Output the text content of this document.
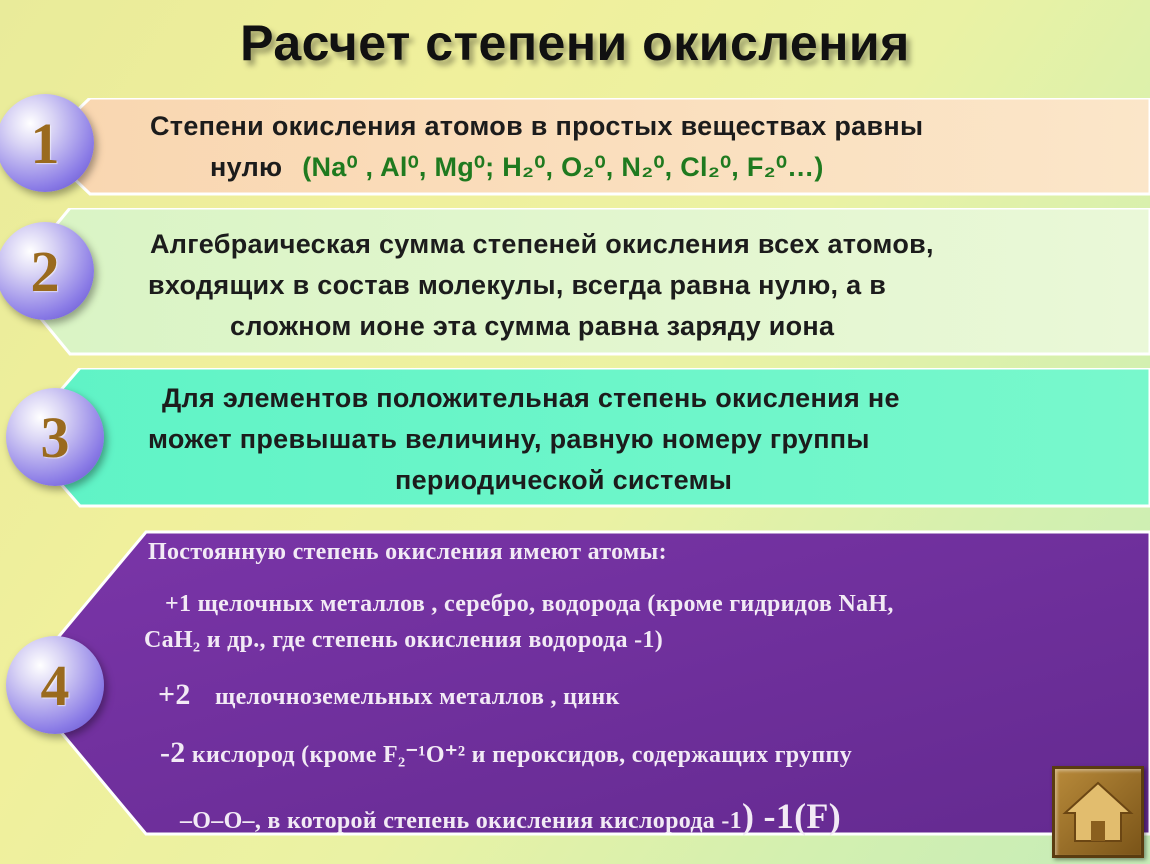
Расчет степени окисления
1	Степени окисления атомов в простых веществах равны
нулю (Na⁰ , Al⁰, Mg⁰; H₂⁰, O₂⁰, N₂⁰, Cl₂⁰, F₂⁰…)
2	Алгебраическая сумма степеней окисления всех атомов,
входящих в состав молекулы, всегда равна нулю, а в
сложном ионе эта сумма равна заряду иона
3
Для элементов положительная степень окисления не
может превышать величину, равную номеру группы
периодической системы
4
Постоянную степень окисления имеют атомы:
+1 щелочных металлов , серебро, водорода (кроме гидридов NaH,
CaH₂ и др., где степень окисления водорода -1)
+2 щелочноземельных металлов , цинк
-2 кислород (кроме F₂⁻¹O⁺² и пероксидов, содержащих группу
–O–O–, в которой степень окисления кислорода -1) -1(F)
